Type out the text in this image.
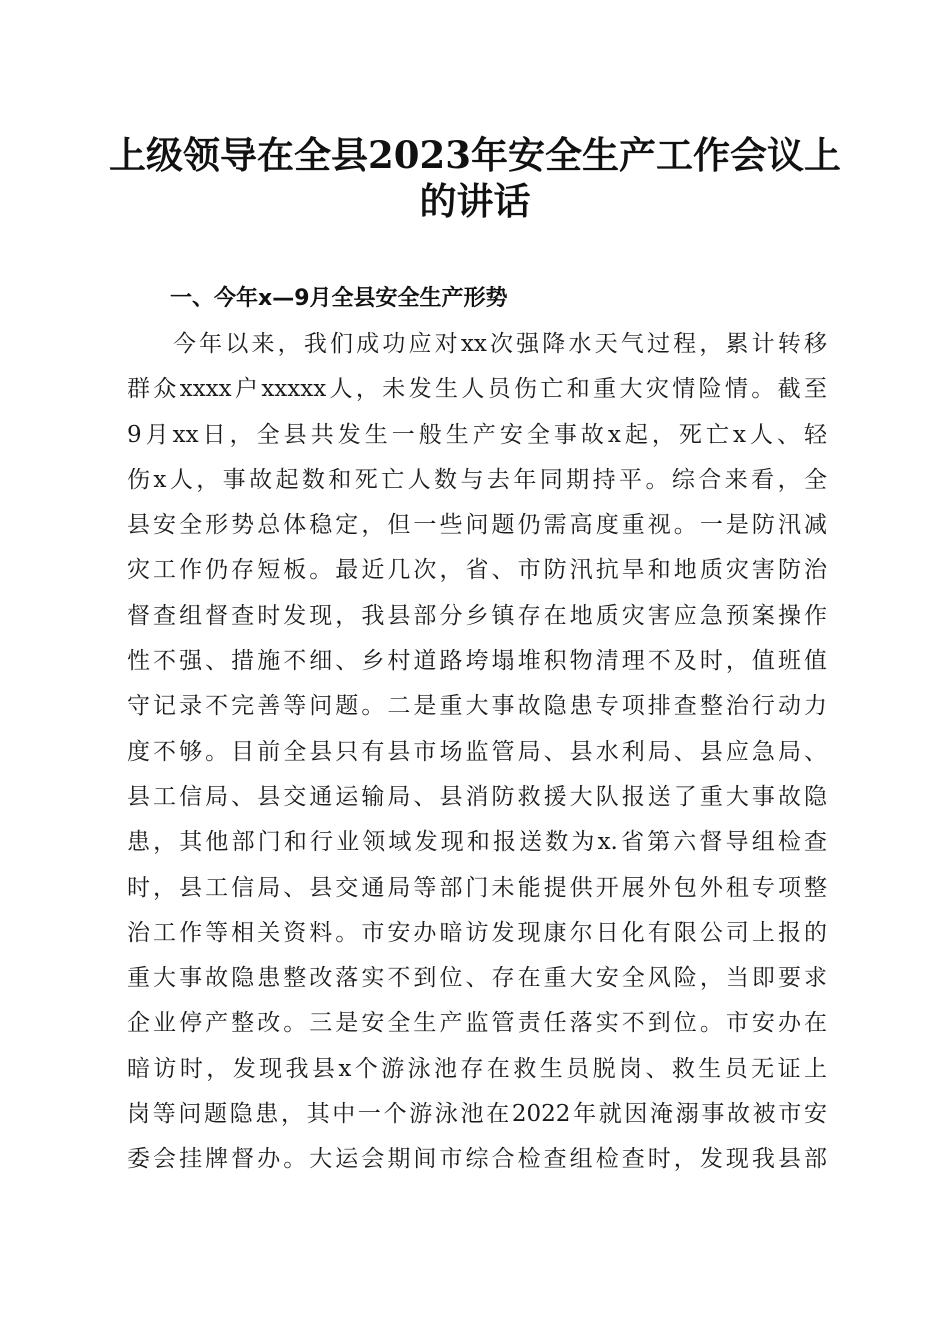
上级领导在全县2023年安全生产工作会议上
的讲话
一、今年x—9月全县安全生产形势
今年以来，我们成功应对xx次强降水天气过程，累计转移
群众xxxx户xxxxx人，未发生人员伤亡和重大灾情险情。截至
9月xx日，全县共发生一般生产安全事故x起，死亡x人、轻
伤x人，事故起数和死亡人数与去年同期持平。综合来看，全
县安全形势总体稳定，但一些问题仍需高度重视。一是防汛减
灾工作仍存短板。最近几次，省、市防汛抗旱和地质灾害防治
督查组督查时发现，我县部分乡镇存在地质灾害应急预案操作
性不强、措施不细、乡村道路垮塌堆积物清理不及时，值班值
守记录不完善等问题。二是重大事故隐患专项排查整治行动力
度不够。目前全县只有县市场监管局、县水利局、县应急局、
县工信局、县交通运输局、县消防救援大队报送了重大事故隐
患，其他部门和行业领域发现和报送数为x.省第六督导组检查
时，县工信局、县交通局等部门未能提供开展外包外租专项整
治工作等相关资料。市安办暗访发现康尔日化有限公司上报的
重大事故隐患整改落实不到位、存在重大安全风险，当即要求
企业停产整改。三是安全生产监管责任落实不到位。市安办在
暗访时，发现我县x个游泳池存在救生员脱岗、救生员无证上
岗等问题隐患，其中一个游泳池在2022年就因淹溺事故被市安
委会挂牌督办。大运会期间市综合检查组检查时，发现我县部
